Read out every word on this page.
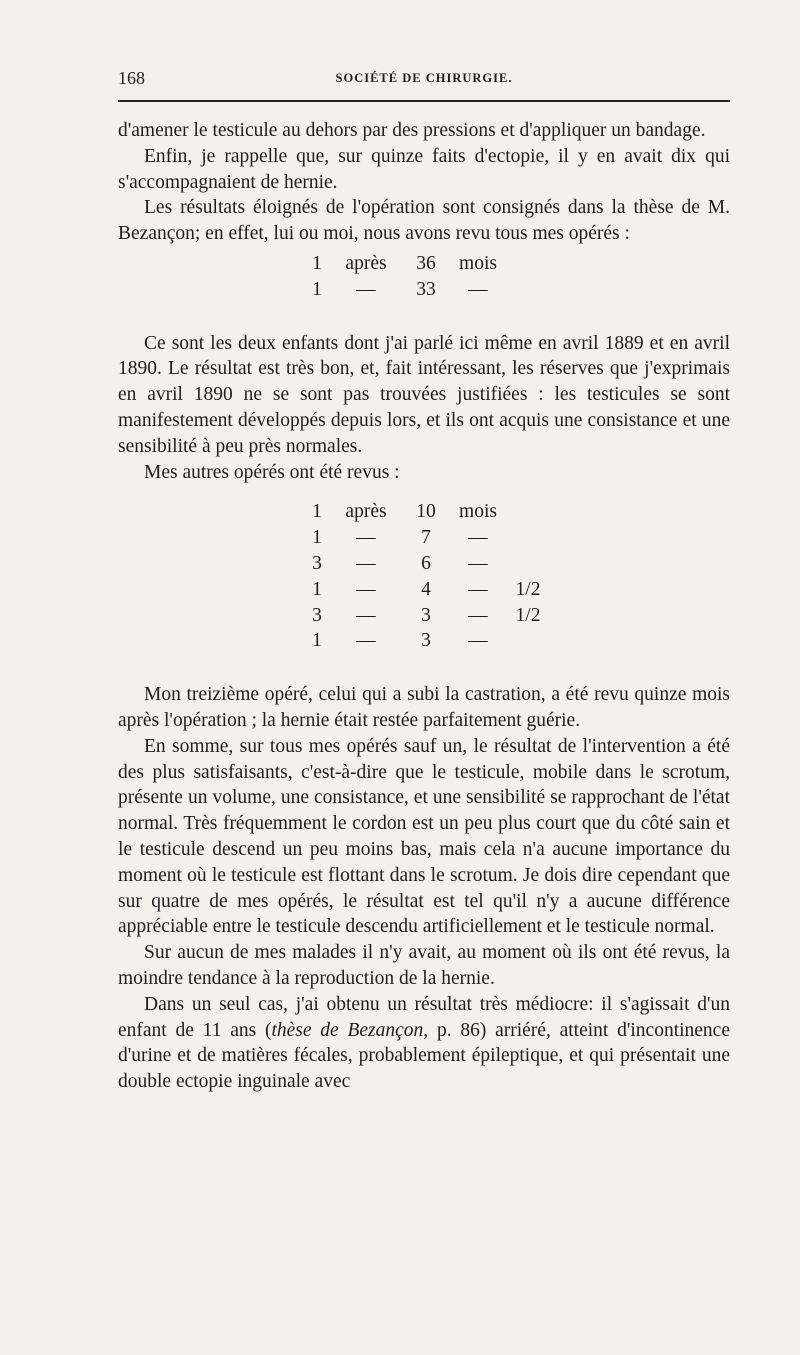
168	SOCIÉTÉ DE CHIRURGIE.

d'amener le testicule au dehors par des pressions et d'appliquer un bandage.

Enfin, je rappelle que, sur quinze faits d'ectopie, il y en avait dix qui s'accompagnaient de hernie.

Les résultats éloignés de l'opération sont consignés dans la thèse de M. Bezançon; en effet, lui ou moi, nous avons revu tous mes opérés :

1	après	36	mois
1	—	33	—

Ce sont les deux enfants dont j'ai parlé ici même en avril 1889 et en avril 1890. Le résultat est très bon, et, fait intéressant, les réserves que j'exprimais en avril 1890 ne se sont pas trouvées justifiées : les testicules se sont manifestement développés depuis lors, et ils ont acquis une consistance et une sensibilité à peu près normales.

Mes autres opérés ont été revus :

1	après	10	mois	
1	—	7	—	
3	—	6	—	
1	—	4	—	1/2
3	—	3	—	1/2
1	—	3	—	

Mon treizième opéré, celui qui a subi la castration, a été revu quinze mois après l'opération ; la hernie était restée parfaitement guérie.

En somme, sur tous mes opérés sauf un, le résultat de l'intervention a été des plus satisfaisants, c'est-à-dire que le testicule, mobile dans le scrotum, présente un volume, une consistance, et une sensibilité se rapprochant de l'état normal. Très fréquemment le cordon est un peu plus court que du côté sain et le testicule descend un peu moins bas, mais cela n'a aucune importance du moment où le testicule est flottant dans le scrotum. Je dois dire cependant que sur quatre de mes opérés, le résultat est tel qu'il n'y a aucune différence appréciable entre le testicule descendu artificiellement et le testicule normal.

Sur aucun de mes malades il n'y avait, au moment où ils ont été revus, la moindre tendance à la reproduction de la hernie.

Dans un seul cas, j'ai obtenu un résultat très médiocre: il s'agissait d'un enfant de 11 ans (thèse de Bezançon, p. 86) arriéré, atteint d'incontinence d'urine et de matières fécales, probablement épileptique, et qui présentait une double ectopie inguinale avec
